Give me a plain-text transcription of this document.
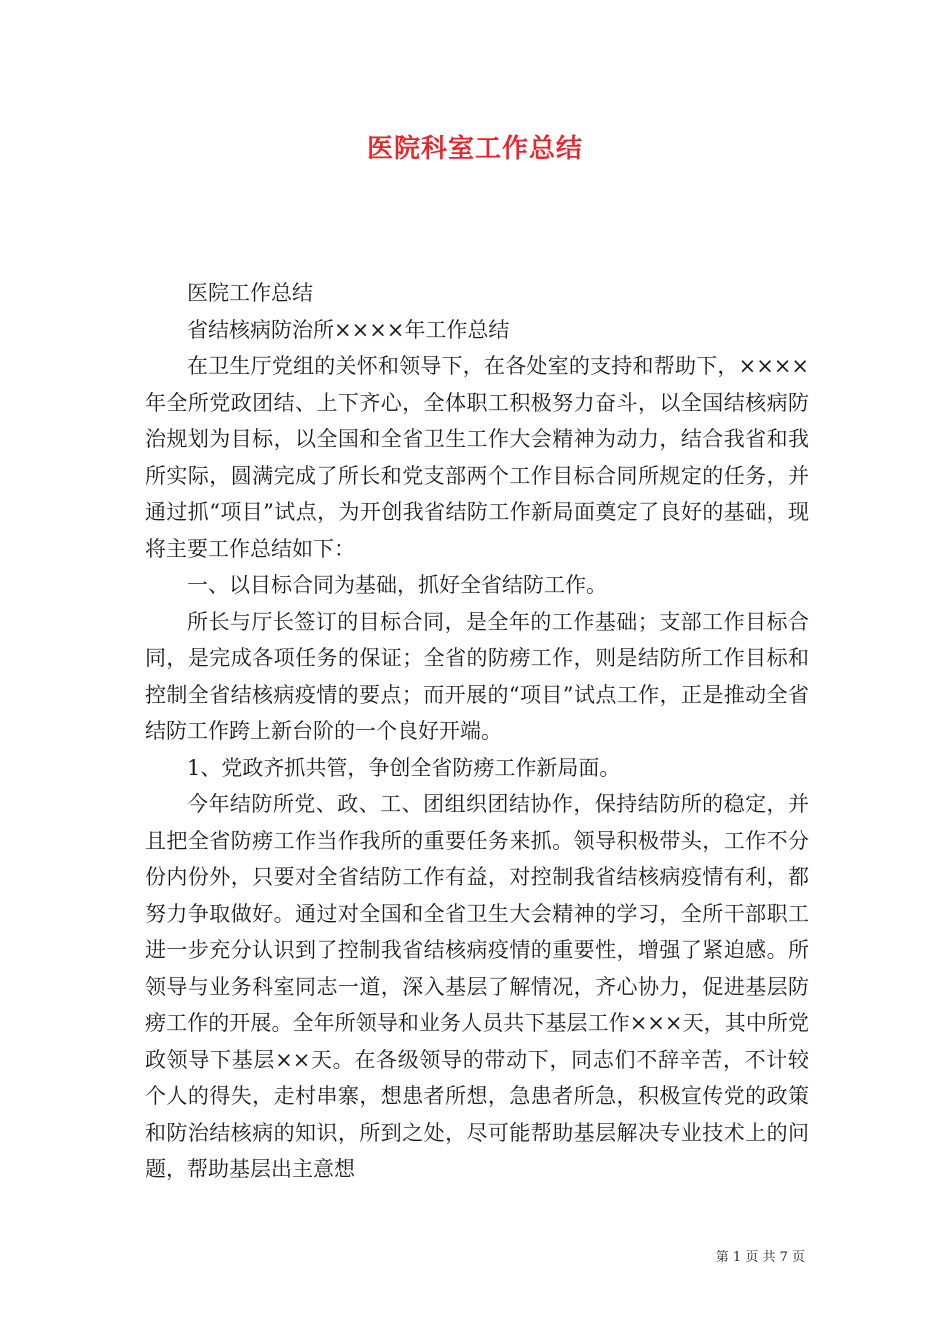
医院科室工作总结

医院工作总结

省结核病防治所××××年工作总结

在卫生厅党组的关怀和领导下，在各处室的支持和帮助下，××××年全所党政团结、上下齐心，全体职工积极努力奋斗，以全国结核病防治规划为目标，以全国和全省卫生工作大会精神为动力，结合我省和我所实际，圆满完成了所长和党支部两个工作目标合同所规定的任务，并通过抓“项目”试点，为开创我省结防工作新局面奠定了良好的基础，现将主要工作总结如下：

一、以目标合同为基础，抓好全省结防工作。

所长与厅长签订的目标合同，是全年的工作基础；支部工作目标合同，是完成各项任务的保证；全省的防痨工作，则是结防所工作目标和控制全省结核病疫情的要点；而开展的“项目”试点工作，正是推动全省结防工作跨上新台阶的一个良好开端。

1、党政齐抓共管，争创全省防痨工作新局面。

今年结防所党、政、工、团组织团结协作，保持结防所的稳定，并且把全省防痨工作当作我所的重要任务来抓。领导积极带头，工作不分份内份外，只要对全省结防工作有益，对控制我省结核病疫情有利，都努力争取做好。通过对全国和全省卫生大会精神的学习，全所干部职工进一步充分认识到了控制我省结核病疫情的重要性，增强了紧迫感。所领导与业务科室同志一道，深入基层了解情况，齐心协力，促进基层防痨工作的开展。全年所领导和业务人员共下基层工作×××天，其中所党政领导下基层××天。在各级领导的带动下，同志们不辞辛苦，不计较个人的得失，走村串寨，想患者所想，急患者所急，积极宣传党的政策和防治结核病的知识，所到之处，尽可能帮助基层解决专业技术上的问题，帮助基层出主意想

第 1 页 共 7 页
